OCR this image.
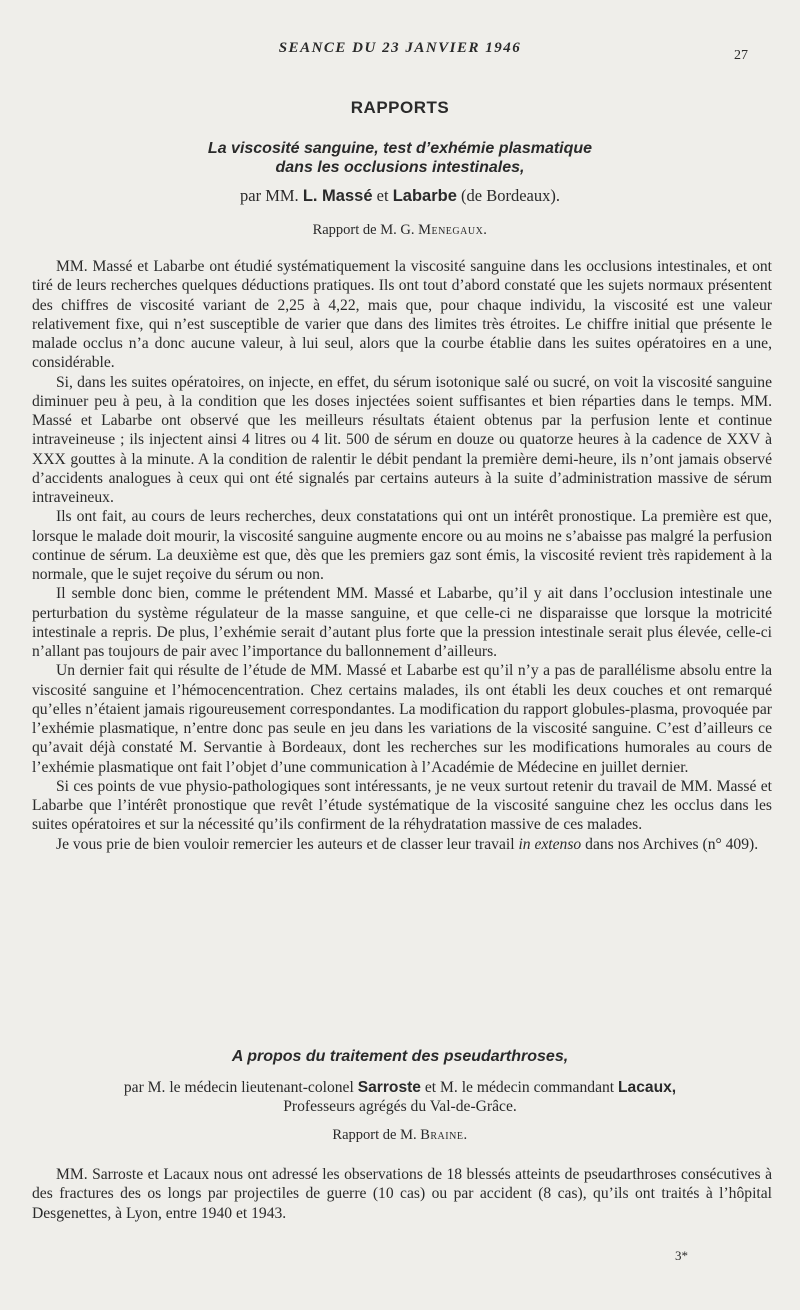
SEANCE DU 23 JANVIER 1946	27
RAPPORTS
La viscosité sanguine, test d’exhémie plasmatique
dans les occlusions intestinales,
par MM. L. Massé et Labarbe (de Bordeaux).
Rapport de M. G. Menegaux.

MM. Massé et Labarbe ont étudié systématiquement la viscosité sanguine dans les occlusions intestinales, et ont tiré de leurs recherches quelques déductions pratiques. Ils ont tout d’abord constaté que les sujets normaux présentent des chiffres de viscosité variant de 2,25 à 4,22, mais que, pour chaque individu, la viscosité est une valeur relativement fixe, qui n’est susceptible de varier que dans des limites très étroites. Le chiffre initial que présente le malade occlus n’a donc aucune valeur, à lui seul, alors que la courbe établie dans les suites opératoires en a une, considérable.

Si, dans les suites opératoires, on injecte, en effet, du sérum isotonique salé ou sucré, on voit la viscosité sanguine diminuer peu à peu, à la condition que les doses injectées soient suffisantes et bien réparties dans le temps. MM. Massé et Labarbe ont observé que les meilleurs résultats étaient obtenus par la perfusion lente et continue intraveineuse ; ils injectent ainsi 4 litres ou 4 lit. 500 de sérum en douze ou quatorze heures à la cadence de XXV à XXX gouttes à la minute. A la condition de ralentir le débit pendant la première demi-heure, ils n’ont jamais observé d’accidents analogues à ceux qui ont été signalés par certains auteurs à la suite d’administration massive de sérum intraveineux.

Ils ont fait, au cours de leurs recherches, deux constatations qui ont un intérêt pronostique. La première est que, lorsque le malade doit mourir, la viscosité sanguine augmente encore ou au moins ne s’abaisse pas malgré la perfusion continue de sérum. La deuxième est que, dès que les premiers gaz sont émis, la viscosité revient très rapidement à la normale, que le sujet reçoive du sérum ou non.

Il semble donc bien, comme le prétendent MM. Massé et Labarbe, qu’il y ait dans l’occlusion intestinale une perturbation du système régulateur de la masse sanguine, et que celle-ci ne disparaisse que lorsque la motricité intestinale a repris. De plus, l’exhémie serait d’autant plus forte que la pression intestinale serait plus élevée, celle-ci n’allant pas toujours de pair avec l’importance du ballonnement d’ailleurs.

Un dernier fait qui résulte de l’étude de MM. Massé et Labarbe est qu’il n’y a pas de parallélisme absolu entre la viscosité sanguine et l’hémocencentration. Chez certains malades, ils ont établi les deux couches et ont remarqué qu’elles n’étaient jamais rigoureusement correspondantes. La modification du rapport globules-plasma, provoquée par l’exhémie plasmatique, n’entre donc pas seule en jeu dans les variations de la viscosité sanguine. C’est d’ailleurs ce qu’avait déjà constaté M. Servantie à Bordeaux, dont les recherches sur les modifications humorales au cours de l’exhémie plasmatique ont fait l’objet d’une communication à l’Académie de Médecine en juillet dernier.

Si ces points de vue physio-pathologiques sont intéressants, je ne veux surtout retenir du travail de MM. Massé et Labarbe que l’intérêt pronostique que revêt l’étude systématique de la viscosité sanguine chez les occlus dans les suites opératoires et sur la nécessité qu’ils confirment de la réhydratation massive de ces malades.

Je vous prie de bien vouloir remercier les auteurs et de classer leur travail in extenso dans nos Archives (n° 409).

A propos du traitement des pseudarthroses,
par M. le médecin lieutenant-colonel Sarroste et M. le médecin commandant Lacaux,
Professeurs agrégés du Val-de-Grâce.
Rapport de M. Braine.

MM. Sarroste et Lacaux nous ont adressé les observations de 18 blessés atteints de pseudarthroses consécutives à des fractures des os longs par projectiles de guerre (10 cas) ou par accident (8 cas), qu’ils ont traités à l’hôpital Desgenettes, à Lyon, entre 1940 et 1943.

3*
